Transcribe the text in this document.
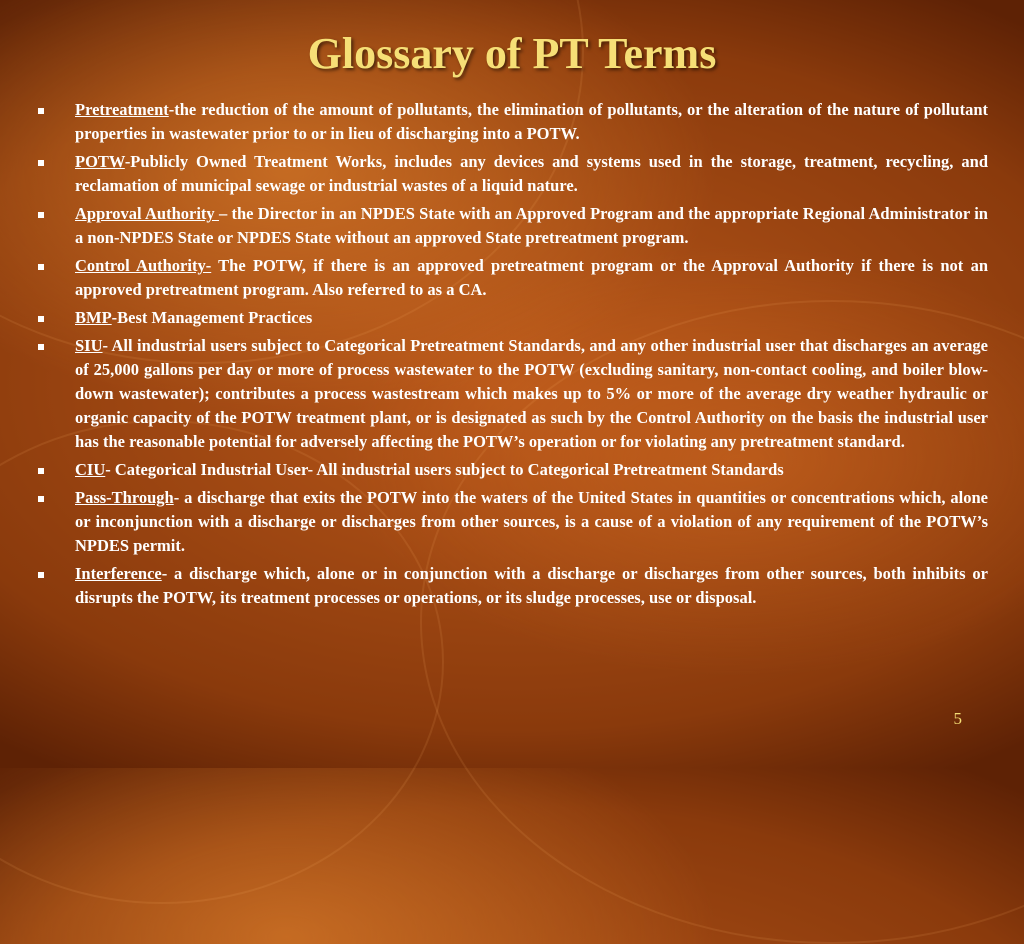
Glossary of PT Terms
Pretreatment-the reduction of the amount of pollutants, the elimination of pollutants, or the alteration of the nature of pollutant properties in wastewater prior to or in lieu of discharging into a POTW.
POTW-Publicly Owned Treatment Works, includes any devices and systems used in the storage, treatment, recycling, and reclamation of municipal sewage or industrial wastes of a liquid nature.
Approval Authority – the Director in an NPDES State with an Approved Program and the appropriate Regional Administrator in a non-NPDES State or NPDES State without an approved State pretreatment program.
Control Authority- The POTW, if there is an approved pretreatment program or the Approval Authority if there is not an approved pretreatment program. Also referred to as a CA.
BMP-Best Management Practices
SIU- All industrial users subject to Categorical Pretreatment Standards, and any other industrial user that discharges an average of 25,000 gallons per day or more of process wastewater to the POTW (excluding sanitary, non-contact cooling, and boiler blow-down wastewater); contributes a process wastestream which makes up to 5% or more of the average dry weather hydraulic or organic capacity of the POTW treatment plant, or is designated as such by the Control Authority on the basis the industrial user has the reasonable potential for adversely affecting the POTW’s operation or for violating any pretreatment standard.
CIU- Categorical Industrial User- All industrial users subject to Categorical Pretreatment Standards
Pass-Through- a discharge that exits the POTW into the waters of the United States in quantities or concentrations which, alone or inconjunction with a discharge or discharges from other sources, is a cause of a violation of any requirement of the POTW’s NPDES permit.
Interference- a discharge which, alone or in conjunction with a discharge or discharges from other sources, both inhibits or disrupts the POTW, its treatment processes or operations, or its sludge processes, use or disposal.
5
